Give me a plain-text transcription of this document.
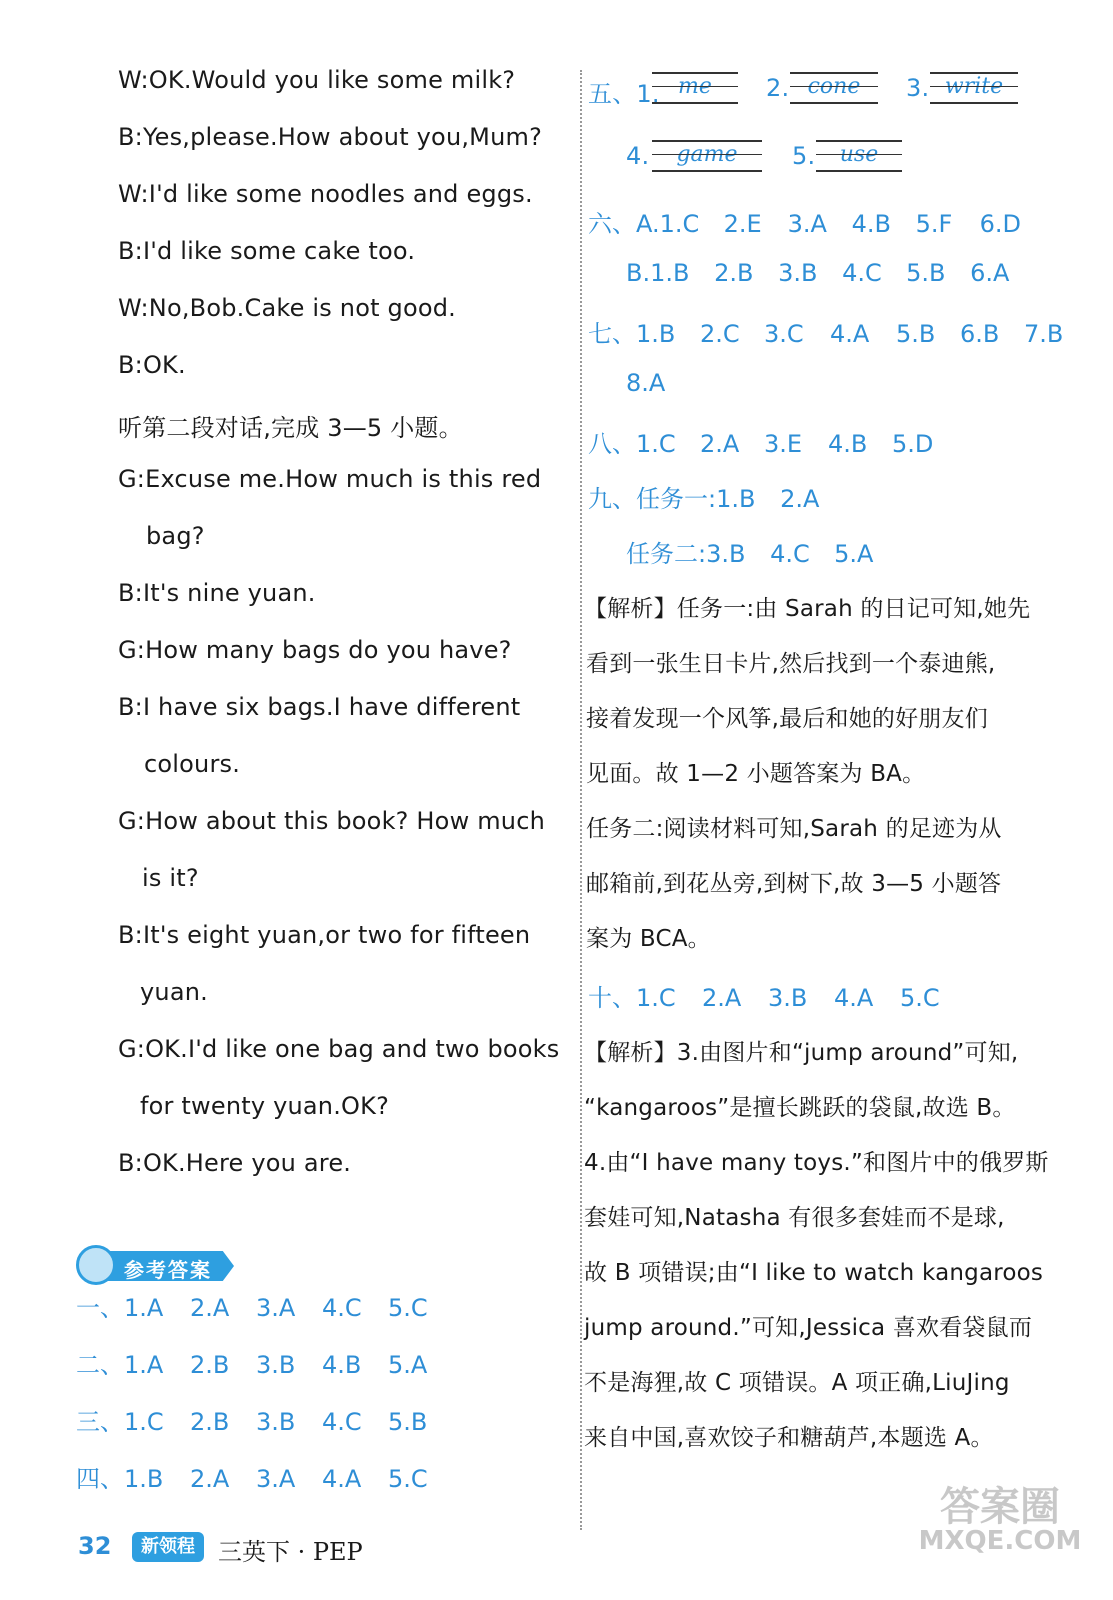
W:OK.Would you like some milk?
B:Yes,please.How about you,Mum?
W:I'd like some noodles and eggs.
B:I'd like some cake too.
W:No,Bob.Cake is not good.
B:OK.
听第二段对话,完成 3—5 小题。
G:Excuse me.How much is this red
bag?
B:It's nine yuan.
G:How many bags do you have?
B:I have six bags.I have different
colours.
G:How about this book? How much
is it?
B:It's eight yuan,or two for fifteen
yuan.
G:OK.I'd like one bag and two books
for twenty yuan.OK?
B:OK.Here you are.
参考答案
一、1.A 2.A 3.A 4.C 5.C
二、1.A 2.B 3.B 4.B 5.A
三、1.C 2.B 3.B 4.C 5.B
四、1.B 2.A 3.A 4.A 5.C
五、1. me	2. cone	3. write
4.	game	5.	use
六、A.1.C 2.E 3.A 4.B 5.F 6.D
B.1.B 2.B 3.B 4.C 5.B 6.A
七、1.B 2.C 3.C 4.A 5.B 6.B 7.B
8.A
八、1.C 2.A 3.E 4.B 5.D
九、任务一:1.B 2.A
任务二:3.B 4.C 5.A
【解析】任务一:由 Sarah 的日记可知,她先
看到一张生日卡片,然后找到一个泰迪熊,
接着发现一个风筝,最后和她的好朋友们
见面。故 1—2 小题答案为 BA。
任务二:阅读材料可知,Sarah 的足迹为从
邮箱前,到花丛旁,到树下,故 3—5 小题答
案为 BCA。
十、1.C 2.A 3.B 4.A 5.C
【解析】3.由图片和“jump around”可知,
“kangaroos”是擅长跳跃的袋鼠,故选 B。
4.由“I have many toys.”和图片中的俄罗斯
套娃可知,Natasha 有很多套娃而不是球,
故 B 项错误;由“I like to watch kangaroos
jump around.”可知,Jessica 喜欢看袋鼠而
不是海狸,故 C 项错误。A 项正确,LiuJing
来自中国,喜欢饺子和糖葫芦,本题选 A。
32	新领程 三英下 · PEP
答案圈
MXQE.COM
